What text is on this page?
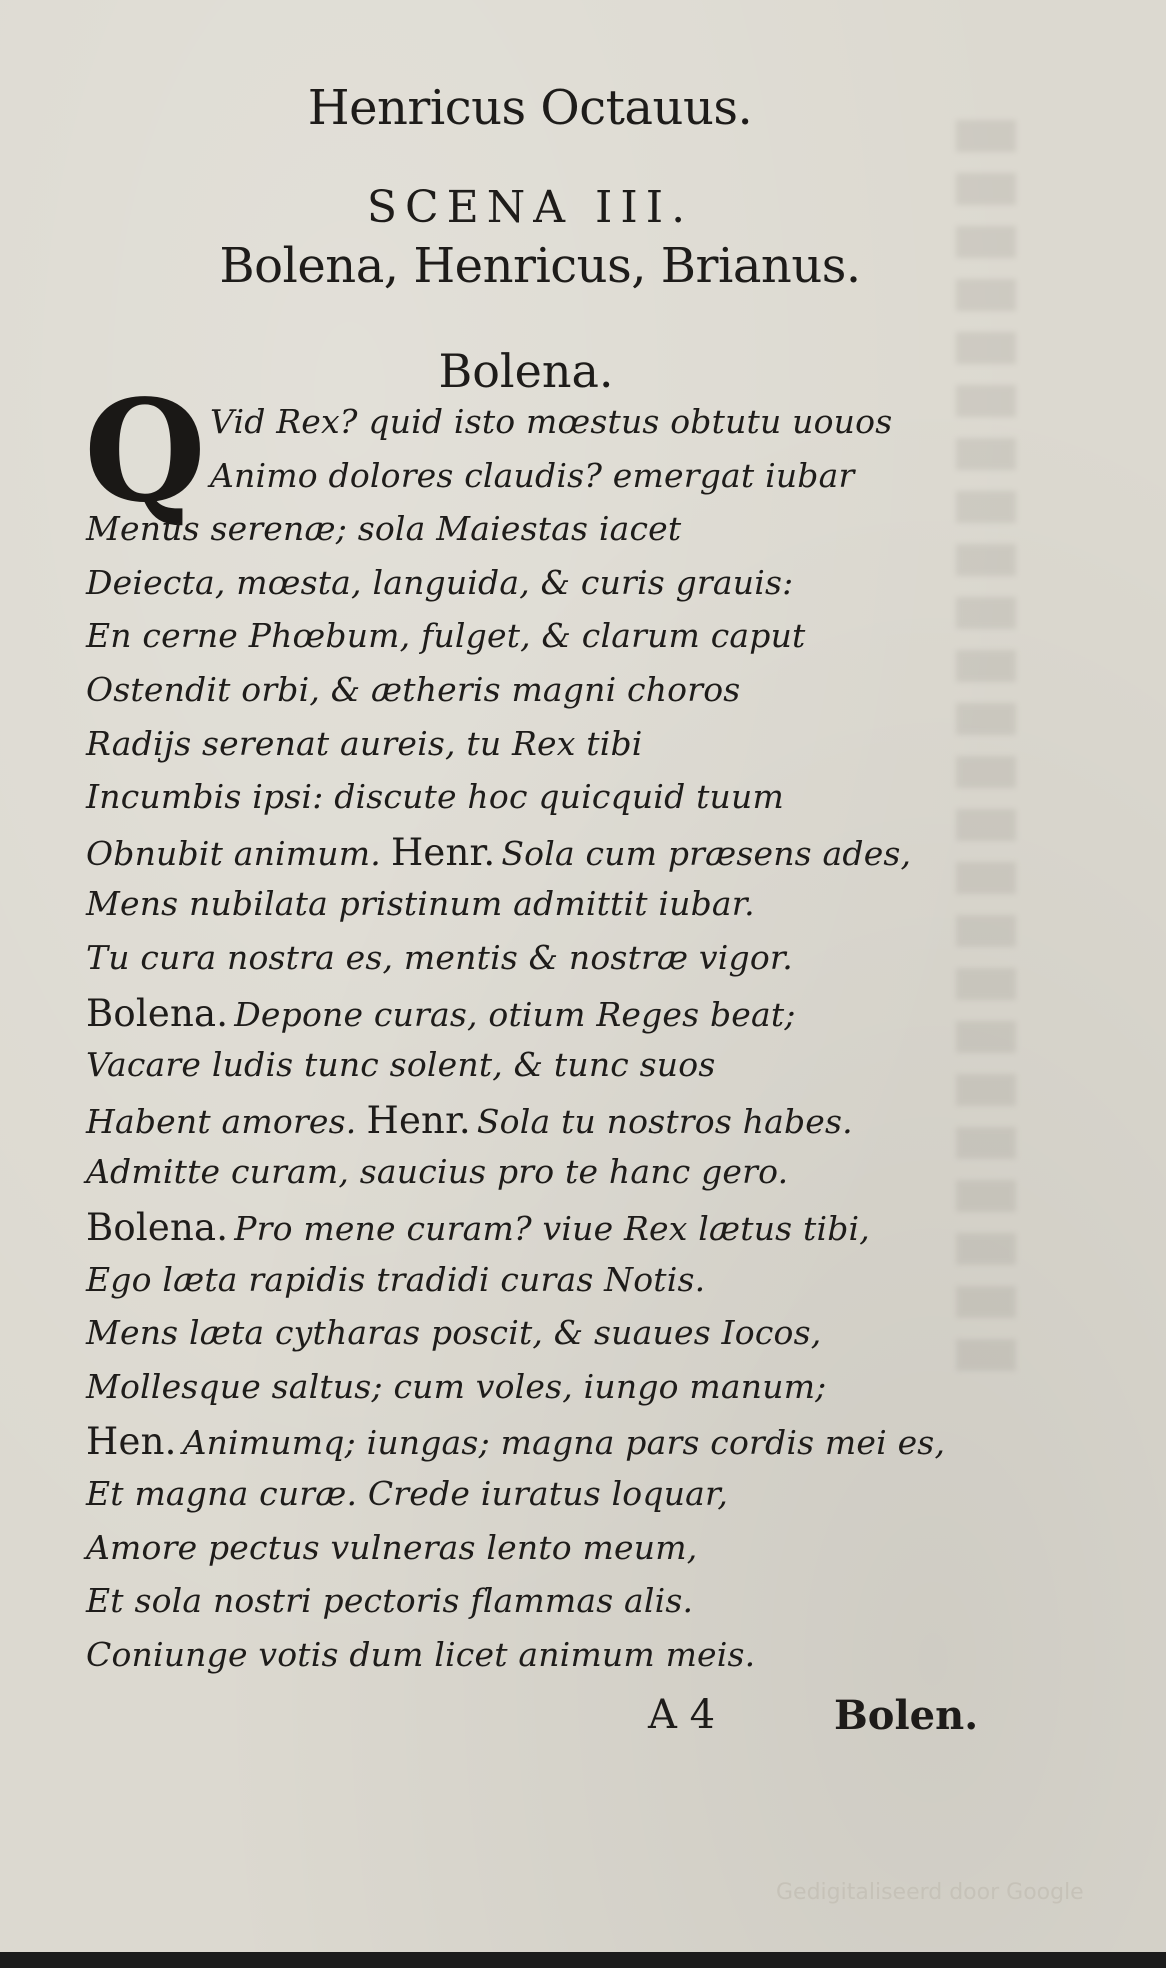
Henricus Octauus.
SCENA III.
Bolena, Henricus, Brianus.
Bolena.
Q Vid Rex? quid isto mœstus obtutu uouos
Animo dolores claudis? emergat iubar
Menus serenæ; sola Maiestas iacet
Deiecta, mœsta, languida, & curis grauis:
En cerne Phœbum, fulget, & clarum caput
Ostendit orbi, & ætheris magni choros
Radijs serenat aureis, tu Rex tibi
Incumbis ipsi: discute hoc quicquid tuum
Obnubit animum. Henr. Sola cum præsens ades,
Mens nubilata pristinum admittit iubar.
Tu cura nostra es, mentis & nostræ vigor.
Bolena. Depone curas, otium Reges beat;
Vacare ludis tunc solent, & tunc suos
Habent amores. Henr. Sola tu nostros habes.
Admitte curam, saucius pro te hanc gero.
Bolena. Pro mene curam? viue Rex lætus tibi,
Ego læta rapidis tradidi curas Notis.
Mens læta cytharas poscit, & suaues Iocos,
Mollesque saltus; cum voles, iungo manum;
Hen. Animumq; iungas; magna pars cordis mei es,
Et magna curæ. Crede iuratus loquar,
Amore pectus vulneras lento meum,
Et sola nostri pectoris flammas alis.
Coniunge votis dum licet animum meis.
A 4	Bolen.
Gedigitaliseerd door Google
